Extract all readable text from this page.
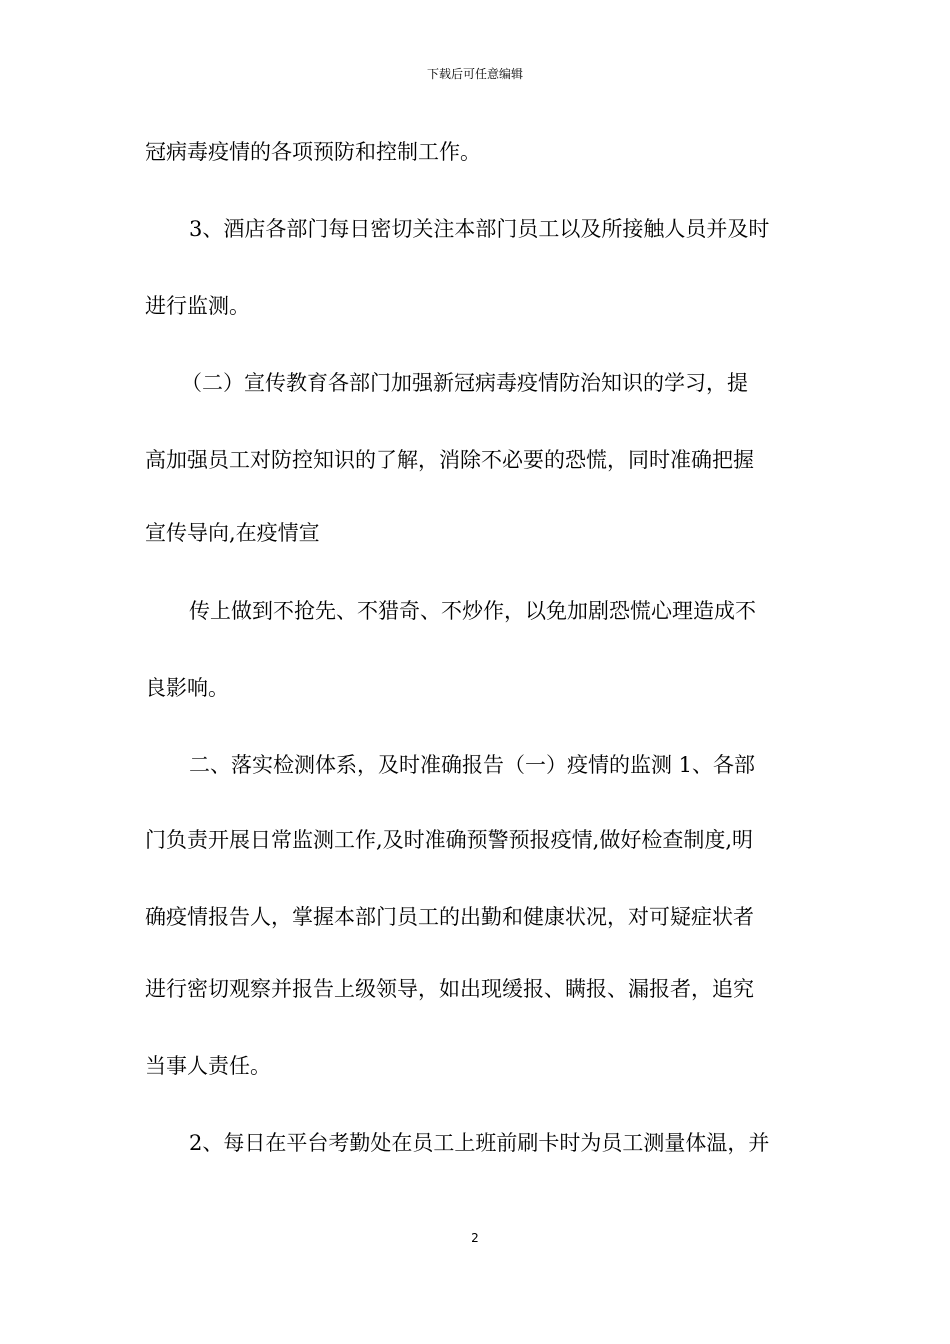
下载后可任意编辑
冠病毒疫情的各项预防和控制工作。
3、酒店各部门每日密切关注本部门员工以及所接触人员并及时
进行监测。
（二）宣传教育各部门加强新冠病毒疫情防治知识的学习，提
高加强员工对防控知识的了解，消除不必要的恐慌，同时准确把握
宣传导向,在疫情宣
传上做到不抢先、不猎奇、不炒作，以免加剧恐慌心理造成不
良影响。
二、落实检测体系，及时准确报告（一）疫情的监测 1、各部
门负责开展日常监测工作,及时准确预警预报疫情,做好检查制度,明
确疫情报告人，掌握本部门员工的出勤和健康状况，对可疑症状者
进行密切观察并报告上级领导，如出现缓报、瞒报、漏报者，追究
当事人责任。
2、每日在平台考勤处在员工上班前刷卡时为员工测量体温，并
2
